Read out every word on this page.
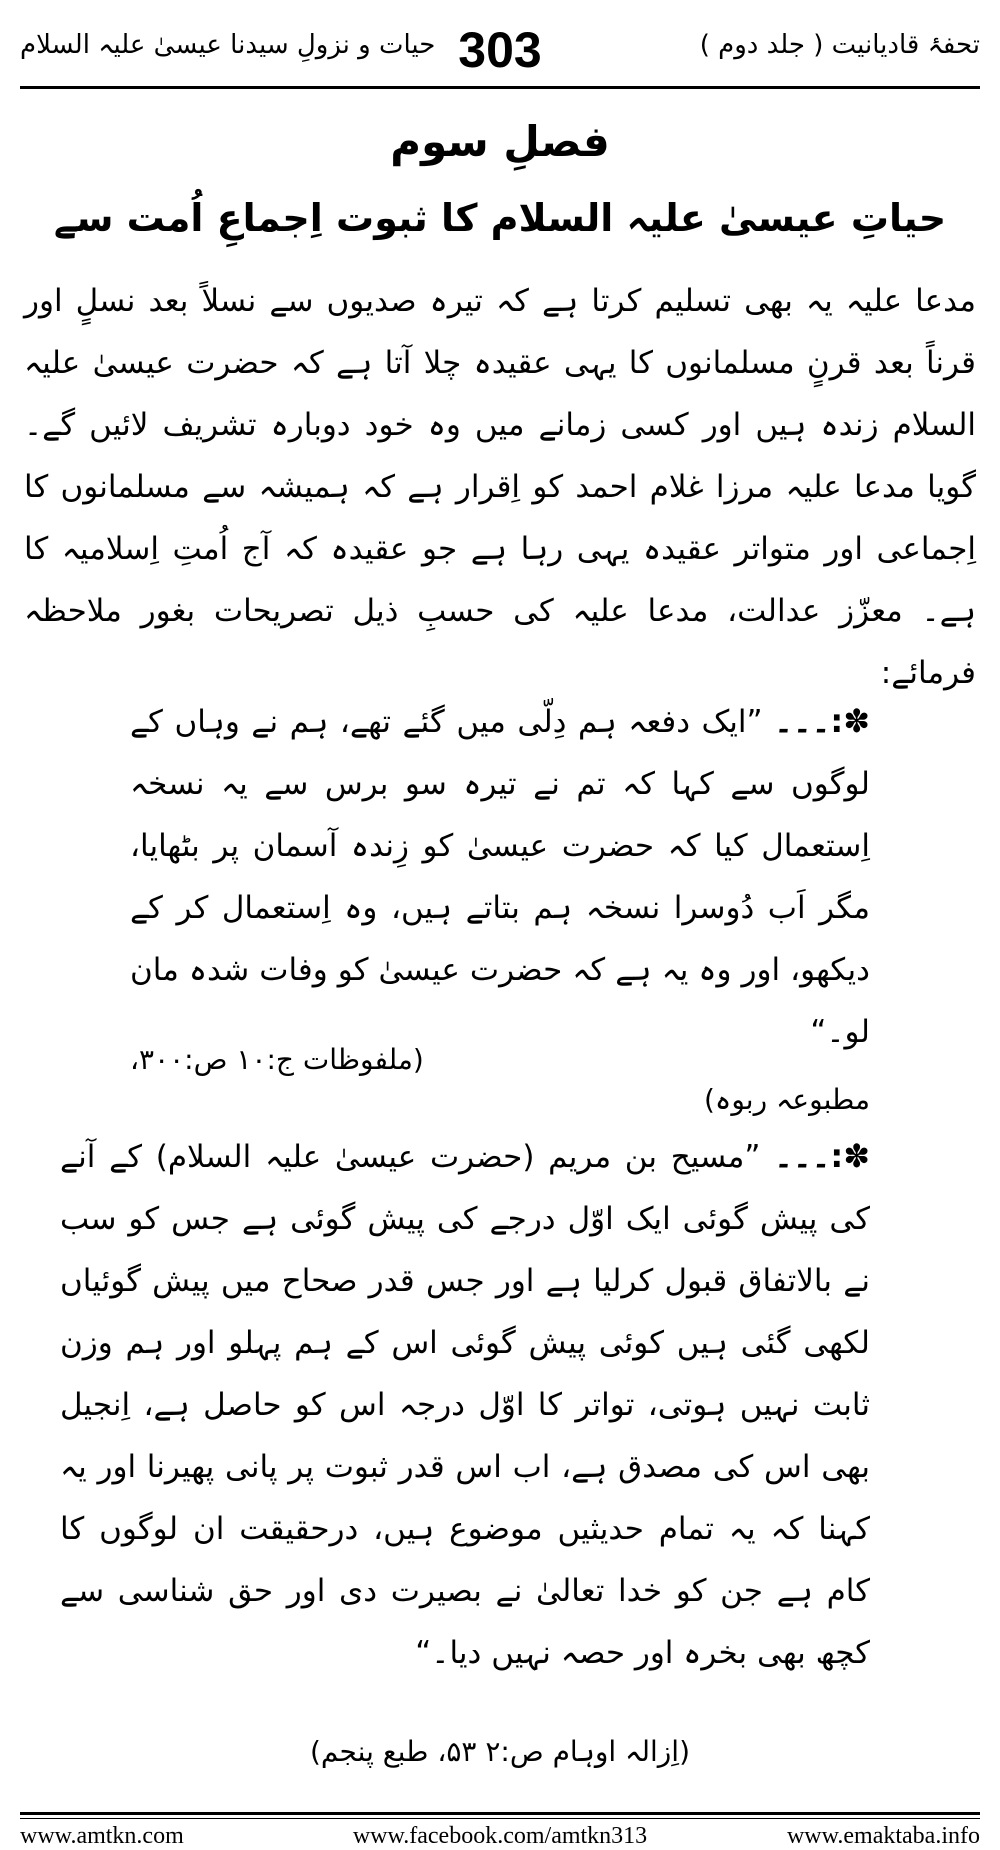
تحفۂ قادیانیت ( جلد دوم )
303
حیات و نزولِ سیدنا عیسیٰ علیہ السلام
فصلِ سوم
حیاتِ عیسیٰ علیہ السلام کا ثبوت اِجماعِ اُمت سے

مدعا علیہ یہ بھی تسلیم کرتا ہے کہ تیرہ صدیوں سے نسلاً بعد نسلٍ اور قرناً بعد قرنٍ مسلمانوں کا یہی عقیدہ چلا آتا ہے کہ حضرت عیسیٰ علیہ السلام زندہ ہیں اور کسی زمانے میں وہ خود دوبارہ تشریف لائیں گے۔ گویا مدعا علیہ مرزا غلام احمد کو اِقرار ہے کہ ہمیشہ سے مسلمانوں کا اِجماعی اور متواتر عقیدہ یہی رہا ہے جو عقیدہ کہ آج اُمتِ اِسلامیہ کا ہے۔ معزّز عدالت، مدعا علیہ کی حسبِ ذیل تصریحات بغور ملاحظہ فرمائے:

✽:۔۔۔ ”ایک دفعہ ہم دِلّی میں گئے تھے، ہم نے وہاں کے لوگوں سے کہا کہ تم نے تیرہ سو برس سے یہ نسخہ اِستعمال کیا کہ حضرت عیسیٰ کو زِندہ آسمان پر بٹھایا، مگر اَب دُوسرا نسخہ ہم بتاتے ہیں، وہ اِستعمال کر کے دیکھو، اور وہ یہ ہے کہ حضرت عیسیٰ کو وفات شدہ مان لو۔“

(ملفوظات ج:۱۰ ص:۳۰۰،
مطبوعہ ربوہ)

✽:۔۔۔ ”مسیح بن مریم (حضرت عیسیٰ علیہ السلام) کے آنے کی پیش گوئی ایک اوّل درجے کی پیش گوئی ہے جس کو سب نے بالاتفاق قبول کرلیا ہے اور جس قدر صحاح میں پیش گوئیاں لکھی گئی ہیں کوئی پیش گوئی اس کے ہم پہلو اور ہم وزن ثابت نہیں ہوتی، تواتر کا اوّل درجہ اس کو حاصل ہے، اِنجیل بھی اس کی مصدق ہے، اب اس قدر ثبوت پر پانی پھیرنا اور یہ کہنا کہ یہ تمام حدیثیں موضوع ہیں، درحقیقت ان لوگوں کا کام ہے جن کو خدا تعالیٰ نے بصیرت دی اور حق شناسی سے کچھ بھی بخرہ اور حصہ نہیں دیا۔“

(اِزالہ اوہام ص:۲ ۵۳، طبع پنجم)
www.amtkn.com	www.facebook.com/amtkn313	www.emaktaba.info
